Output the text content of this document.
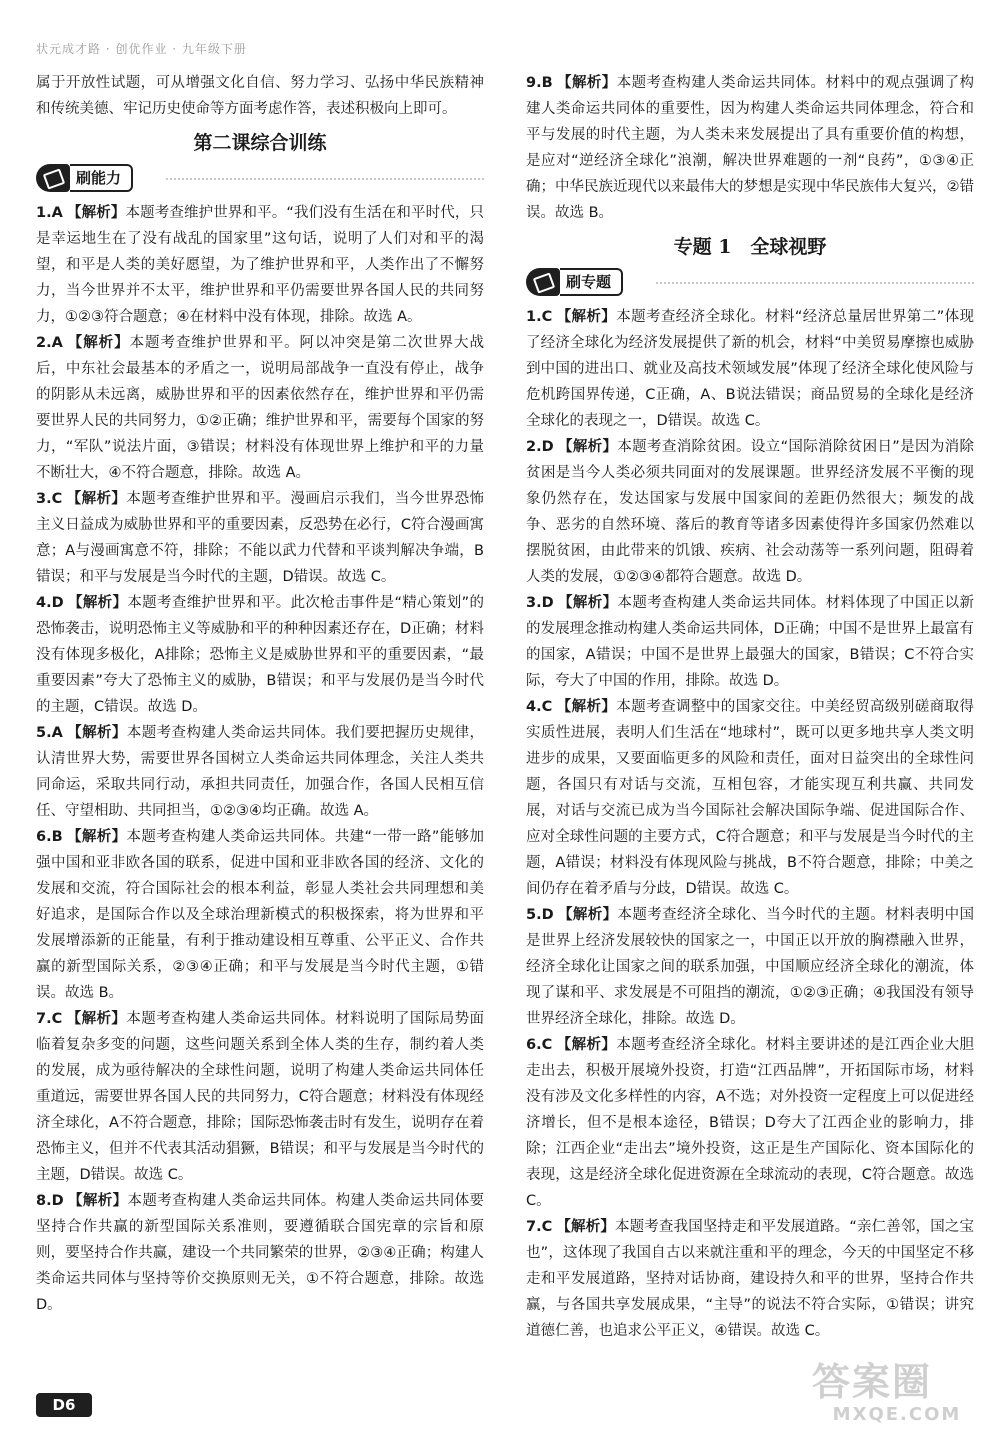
状元成才路 · 创优作业 · 九年级下册

属于开放性试题，可从增强文化自信、努力学习、弘扬中华民族精神和传统美德、牢记历史使命等方面考虑作答，表述积极向上即可。

第二课综合训练
刷能力

1.A 【解析】本题考查维护世界和平。“我们没有生活在和平时代，只是幸运地生在了没有战乱的国家里”这句话，说明了人们对和平的渴望，和平是人类的美好愿望，为了维护世界和平，人类作出了不懈努力，当今世界并不太平，维护世界和平仍需要世界各国人民的共同努力，①②③符合题意；④在材料中没有体现，排除。故选 A。

2.A 【解析】本题考查维护世界和平。阿以冲突是第二次世界大战后，中东社会最基本的矛盾之一，说明局部战争一直没有停止，战争的阴影从未远离，威胁世界和平的因素依然存在，维护世界和平仍需要世界人民的共同努力，①②正确；维护世界和平，需要每个国家的努力，“军队”说法片面，③错误；材料没有体现世界上维护和平的力量不断壮大，④不符合题意，排除。故选 A。

3.C 【解析】本题考查维护世界和平。漫画启示我们，当今世界恐怖主义日益成为威胁世界和平的重要因素，反恐势在必行，C符合漫画寓意；A与漫画寓意不符，排除；不能以武力代替和平谈判解决争端，B错误；和平与发展是当今时代的主题，D错误。故选 C。

4.D 【解析】本题考查维护世界和平。此次枪击事件是“精心策划”的恐怖袭击，说明恐怖主义等威胁和平的种种因素还存在，D正确；材料没有体现多极化，A排除；恐怖主义是威胁世界和平的重要因素，“最重要因素”夸大了恐怖主义的威胁，B错误；和平与发展仍是当今时代的主题，C错误。故选 D。

5.A 【解析】本题考查构建人类命运共同体。我们要把握历史规律，认清世界大势，需要世界各国树立人类命运共同体理念，关注人类共同命运，采取共同行动，承担共同责任，加强合作，各国人民相互信任、守望相助、共同担当，①②③④均正确。故选 A。

6.B 【解析】本题考查构建人类命运共同体。共建“一带一路”能够加强中国和亚非欧各国的联系，促进中国和亚非欧各国的经济、文化的发展和交流，符合国际社会的根本利益，彰显人类社会共同理想和美好追求，是国际合作以及全球治理新模式的积极探索，将为世界和平发展增添新的正能量，有利于推动建设相互尊重、公平正义、合作共赢的新型国际关系，②③④正确；和平与发展是当今时代主题，①错误。故选 B。

7.C 【解析】本题考查构建人类命运共同体。材料说明了国际局势面临着复杂多变的问题，这些问题关系到全体人类的生存，制约着人类的发展，成为亟待解决的全球性问题，说明了构建人类命运共同体任重道远，需要世界各国人民的共同努力，C符合题意；材料没有体现经济全球化，A不符合题意，排除；国际恐怖袭击时有发生，说明存在着恐怖主义，但并不代表其活动猖獗，B错误；和平与发展是当今时代的主题，D错误。故选 C。

8.D 【解析】本题考查构建人类命运共同体。构建人类命运共同体要坚持合作共赢的新型国际关系准则，要遵循联合国宪章的宗旨和原则，要坚持合作共赢，建设一个共同繁荣的世界，②③④正确；构建人类命运共同体与坚持等价交换原则无关，①不符合题意，排除。故选 D。

9.B 【解析】本题考查构建人类命运共同体。材料中的观点强调了构建人类命运共同体的重要性，因为构建人类命运共同体理念，符合和平与发展的时代主题，为人类未来发展提出了具有重要价值的构想，是应对“逆经济全球化”浪潮，解决世界难题的一剂“良药”，①③④正确；中华民族近现代以来最伟大的梦想是实现中华民族伟大复兴，②错误。故选 B。

专题 1　全球视野
刷专题

1.C 【解析】本题考查经济全球化。材料“经济总量居世界第二”体现了经济全球化为经济发展提供了新的机会，材料“中美贸易摩擦也威胁到中国的进出口、就业及高技术领域发展”体现了经济全球化使风险与危机跨国界传递，C正确，A、B说法错误；商品贸易的全球化是经济全球化的表现之一，D错误。故选 C。

2.D 【解析】本题考查消除贫困。设立“国际消除贫困日”是因为消除贫困是当今人类必须共同面对的发展课题。世界经济发展不平衡的现象仍然存在，发达国家与发展中国家间的差距仍然很大；频发的战争、恶劣的自然环境、落后的教育等诸多因素使得许多国家仍然难以摆脱贫困，由此带来的饥饿、疾病、社会动荡等一系列问题，阻碍着人类的发展，①②③④都符合题意。故选 D。

3.D 【解析】本题考查构建人类命运共同体。材料体现了中国正以新的发展理念推动构建人类命运共同体，D正确；中国不是世界上最富有的国家，A错误；中国不是世界上最强大的国家，B错误；C不符合实际，夸大了中国的作用，排除。故选 D。

4.C 【解析】本题考查调整中的国家交往。中美经贸高级别磋商取得实质性进展，表明人们生活在“地球村”，既可以更多地共享人类文明进步的成果，又要面临更多的风险和责任，面对日益突出的全球性问题，各国只有对话与交流，互相包容，才能实现互利共赢、共同发展，对话与交流已成为当今国际社会解决国际争端、促进国际合作、应对全球性问题的主要方式，C符合题意；和平与发展是当今时代的主题，A错误；材料没有体现风险与挑战，B不符合题意，排除；中美之间仍存在着矛盾与分歧，D错误。故选 C。

5.D 【解析】本题考查经济全球化、当今时代的主题。材料表明中国是世界上经济发展较快的国家之一，中国正以开放的胸襟融入世界，经济全球化让国家之间的联系加强，中国顺应经济全球化的潮流，体现了谋和平、求发展是不可阻挡的潮流，①②③正确；④我国没有领导世界经济全球化，排除。故选 D。

6.C 【解析】本题考查经济全球化。材料主要讲述的是江西企业大胆走出去，积极开展境外投资，打造“江西品牌”，开拓国际市场，材料没有涉及文化多样性的内容，A不选；对外投资一定程度上可以促进经济增长，但不是根本途径，B错误；D夸大了江西企业的影响力，排除；江西企业“走出去”境外投资，这正是生产国际化、资本国际化的表现，这是经济全球化促进资源在全球流动的表现，C符合题意。故选 C。

7.C 【解析】本题考查我国坚持走和平发展道路。“亲仁善邻，国之宝也”，这体现了我国自古以来就注重和平的理念，今天的中国坚定不移走和平发展道路，坚持对话协商，建设持久和平的世界，坚持合作共赢，与各国共享发展成果，“主导”的说法不符合实际，①错误；讲究道德仁善，也追求公平正义，④错误。故选 C。

D6
答案圈
MXQE.COM
